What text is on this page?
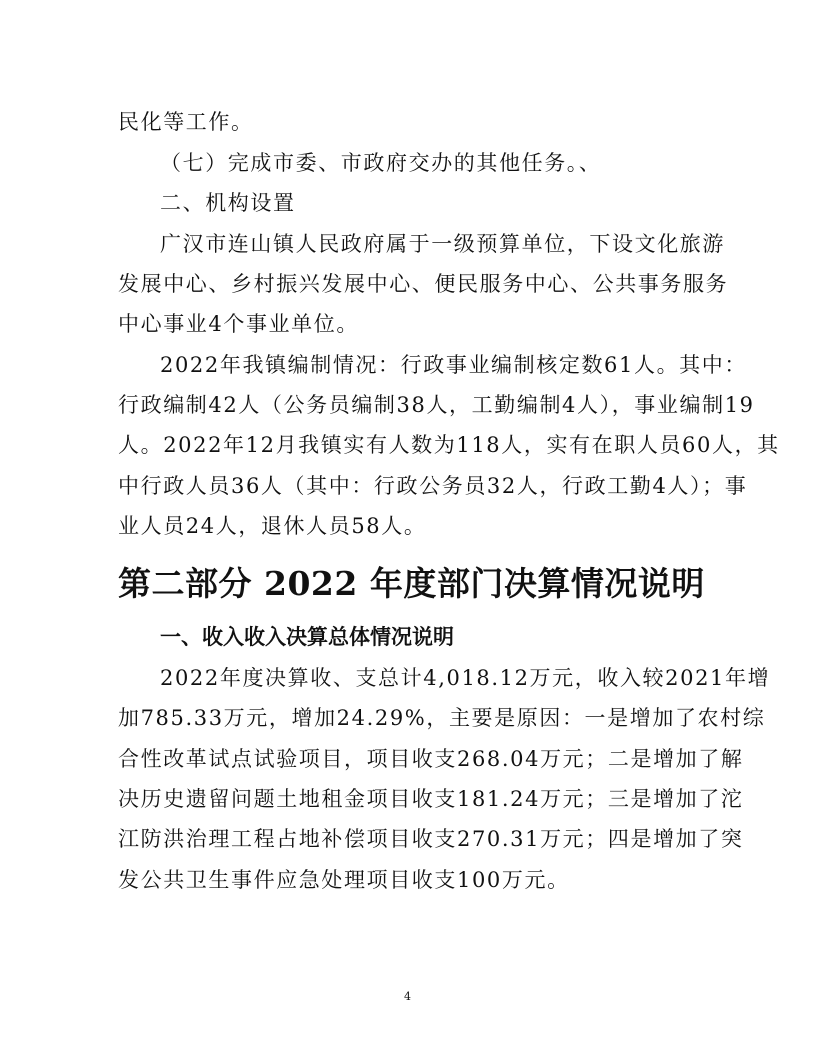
民化等工作。
（七）完成市委、市政府交办的其他任务。、
二、机构设置
广汉市连山镇人民政府属于一级预算单位，下设文化旅游
发展中心、乡村振兴发展中心、便民服务中心、公共事务服务
中心事业4个事业单位。
2022年我镇编制情况：行政事业编制核定数61人。其中：
行政编制42人（公务员编制38人，工勤编制4人），事业编制19
人。2022年12月我镇实有人数为118人，实有在职人员60人，其
中行政人员36人（其中：行政公务员32人，行政工勤4人）；事
业人员24人，退休人员58人。
第二部分 2022 年度部门决算情况说明
一、收入收入决算总体情况说明
2022年度决算收、支总计4,018.12万元，收入较2021年增
加785.33万元，增加24.29%，主要是原因：一是增加了农村综
合性改革试点试验项目，项目收支268.04万元；二是增加了解
决历史遗留问题土地租金项目收支181.24万元；三是增加了沱
江防洪治理工程占地补偿项目收支270.31万元；四是增加了突
发公共卫生事件应急处理项目收支100万元。
4
